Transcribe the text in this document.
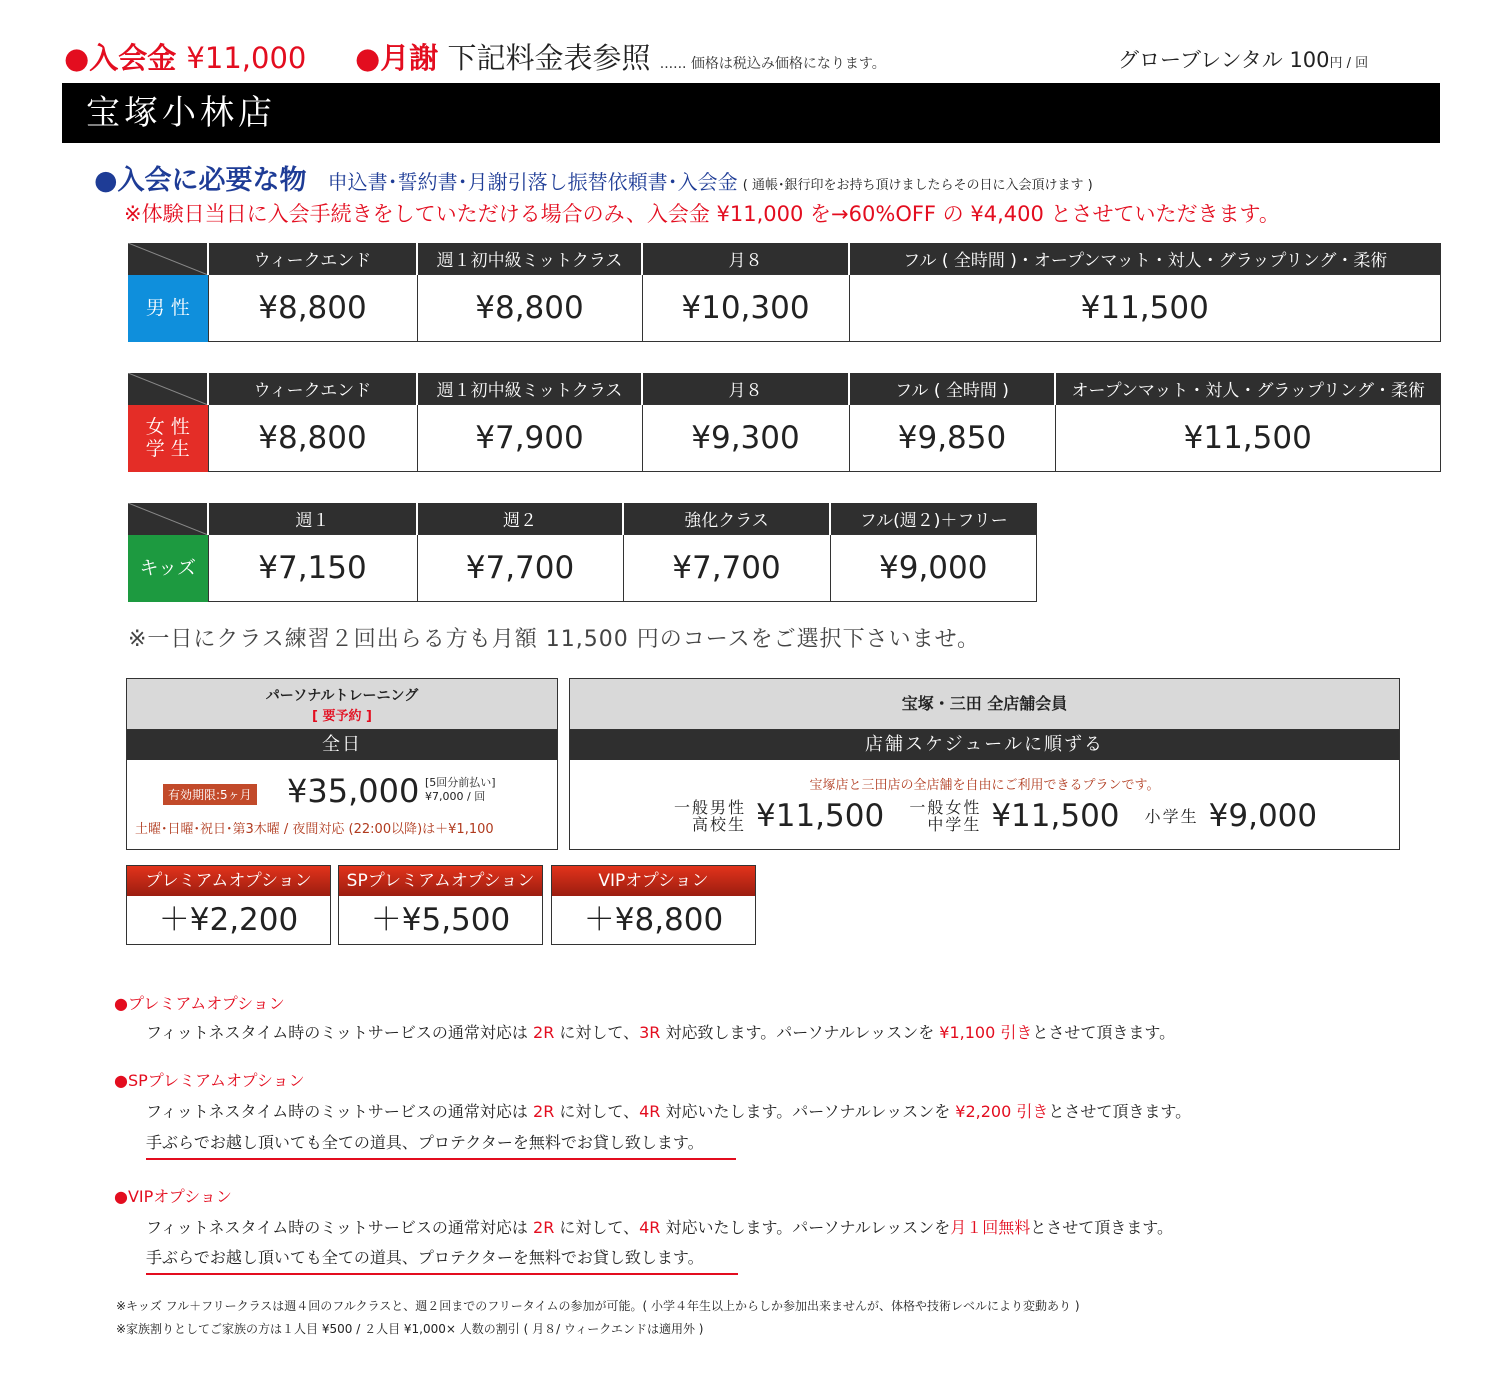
●入会金 ¥11,000 ●月謝 下記料金表参照 ...... 価格は税込み価格になります。	グローブレンタル 100円 / 回
宝塚小林店
●入会に必要な物 申込書･誓約書･月謝引落し振替依頼書･入会金 ( 通帳･銀行印をお持ち頂けましたらその日に入会頂けます )
※体験日当日に入会手続きをしていただける場合のみ、入会金 ¥11,000 を→60%OFF の ¥4,400 とさせていただきます。
	ウィークエンド	週１初中級ミットクラス	月８	フル ( 全時間 )・オープンマット・対人・グラップリング・柔術
男 性	¥8,800	¥8,800	¥10,300	¥11,500
	ウィークエンド	週１初中級ミットクラス	月８	フル ( 全時間 )	オープンマット・対人・グラップリング・柔術

女 性
学 生	¥8,800	¥7,900	¥9,300	¥9,850	¥11,500
	週１	週２	強化クラス	フル(週２)＋フリー
キッズ	¥7,150	¥7,700	¥7,700	¥9,000
※一日にクラス練習２回出らる方も月額 11,500 円のコースをご選択下さいませ。
パーソナルトレーニング
[ 要予約 ]
全日
有効期限:5ヶ月 ¥35,000 [5回分前払い]
¥7,000 / 回
土曜･日曜･祝日･第3木曜 / 夜間対応 (22:00以降)は＋¥1,100
宝塚・三田 全店舗会員
店舗スケジュールに順ずる
宝塚店と三田店の全店舗を自由にご利用できるプランです。
一般男性
高校生 ¥11,500 一般女性
中学生 ¥11,500 小学生 ¥9,000
プレミアムオプション
＋¥2,200
SPプレミアムオプション
＋¥5,500
VIPオプション
＋¥8,800
●プレミアムオプション
フィットネスタイム時のミットサービスの通常対応は 2R に対して、3R 対応致します。パーソナルレッスンを ¥1,100 引きとさせて頂きます。
●SPプレミアムオプション
フィットネスタイム時のミットサービスの通常対応は 2R に対して、4R 対応いたします。パーソナルレッスンを ¥2,200 引きとさせて頂きます。
手ぶらでお越し頂いても全ての道具、プロテクターを無料でお貸し致します。
●VIPオプション
フィットネスタイム時のミットサービスの通常対応は 2R に対して、4R 対応いたします。パーソナルレッスンを月１回無料とさせて頂きます。
手ぶらでお越し頂いても全ての道具、プロテクターを無料でお貸し致します。
※キッズ フル＋フリークラスは週４回のフルクラスと、週２回までのフリータイムの参加が可能。( 小学４年生以上からしか参加出来ませんが、体格や技術レベルにより変動あり )
※家族割りとしてご家族の方は１人目 ¥500 / ２人目 ¥1,000× 人数の割引 ( 月８/ ウィークエンドは適用外 )
